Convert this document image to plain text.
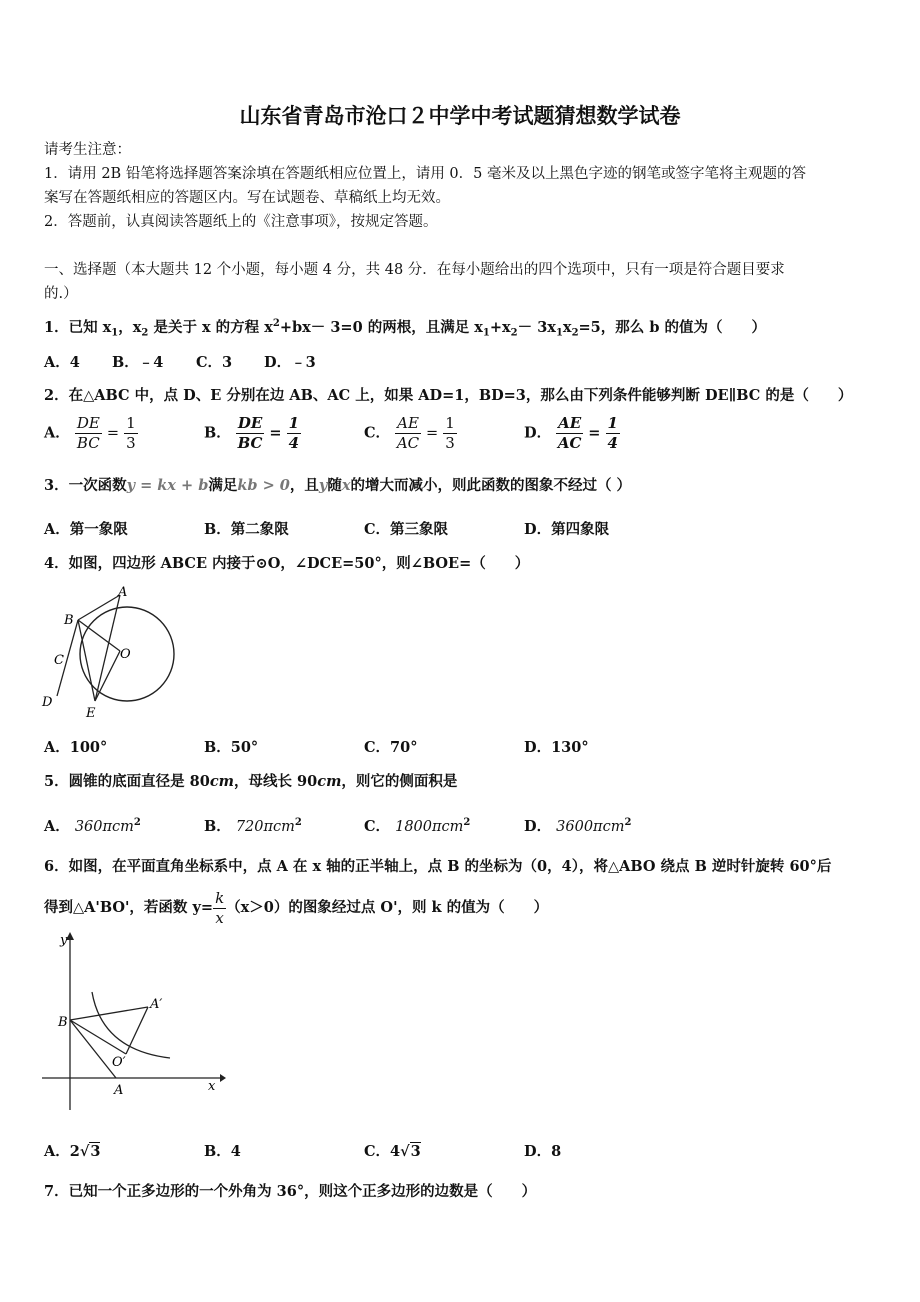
山东省青岛市沧口２中学中考试题猜想数学试卷
请考生注意：
1．请用 2B 铅笔将选择题答案涂填在答题纸相应位置上，请用 0．5 毫米及以上黑色字迹的钢笔或签字笔将主观题的答
案写在答题纸相应的答题区内。写在试题卷、草稿纸上均无效。
2．答题前，认真阅读答题纸上的《注意事项》，按规定答题。
一、选择题（本大题共 12 个小题，每小题 4 分，共 48 分．在每小题给出的四个选项中，只有一项是符合题目要求
的.）
1．已知 $x_1$，$x_2$ 是关于 x 的方程 $x^2+bx- 3=0$ 的两根，且满足 $x_1+x_2- 3x_1x_2=5$，那么 b 的值为（　　）
A．4 B．﹣4 C．3 D．﹣3
2．在△ABC 中，点 D、E 分别在边 AB、AC 上，如果 AD=1，BD=3，那么由下列条件能够判断 DE∥BC 的是（　　）
A． $\frac{DE}{BC} = \frac{1}{3}$	B． $\frac{DE}{BC} = \frac{1}{4}$	C． $\frac{AE}{AC} = \frac{1}{3}$	D． $\frac{AE}{AC} = \frac{1}{4}$
3．一次函数y = kx + b满足kb > 0，且y随x的增大而减小，则此函数的图象不经过（ ）
A．第一象限	B．第二象限	C．第三象限	D．第四象限
4．如图，四边形 ABCE 内接于⊙O，∠DCE=50°，则∠BOE=（　　）
A
B
C	O
D
E
A．100°	B．50°	C．70°	D．130°
5．圆锥的底面直径是 80cm，母线长 90cm，则它的侧面积是
A． 360πcm$^2$	B． 720πcm$^2$	C． 1800πcm$^2$	D． 3600πcm$^2$
6．如图，在平面直角坐标系中，点 A 在 x 轴的正半轴上，点 B 的坐标为（0，4），将△ABO 绕点 B 逆时针旋转 60°后
得到△A'BO'，若函数 $y= \frac{k}{x} (x>0)$的图象经过点 O'，则 k 的值为（　　）
y
B
A′
O′
A	x
A．2√3	B．4	C．4√3	D．8
7．已知一个正多边形的一个外角为 36°，则这个正多边形的边数是（　　）
